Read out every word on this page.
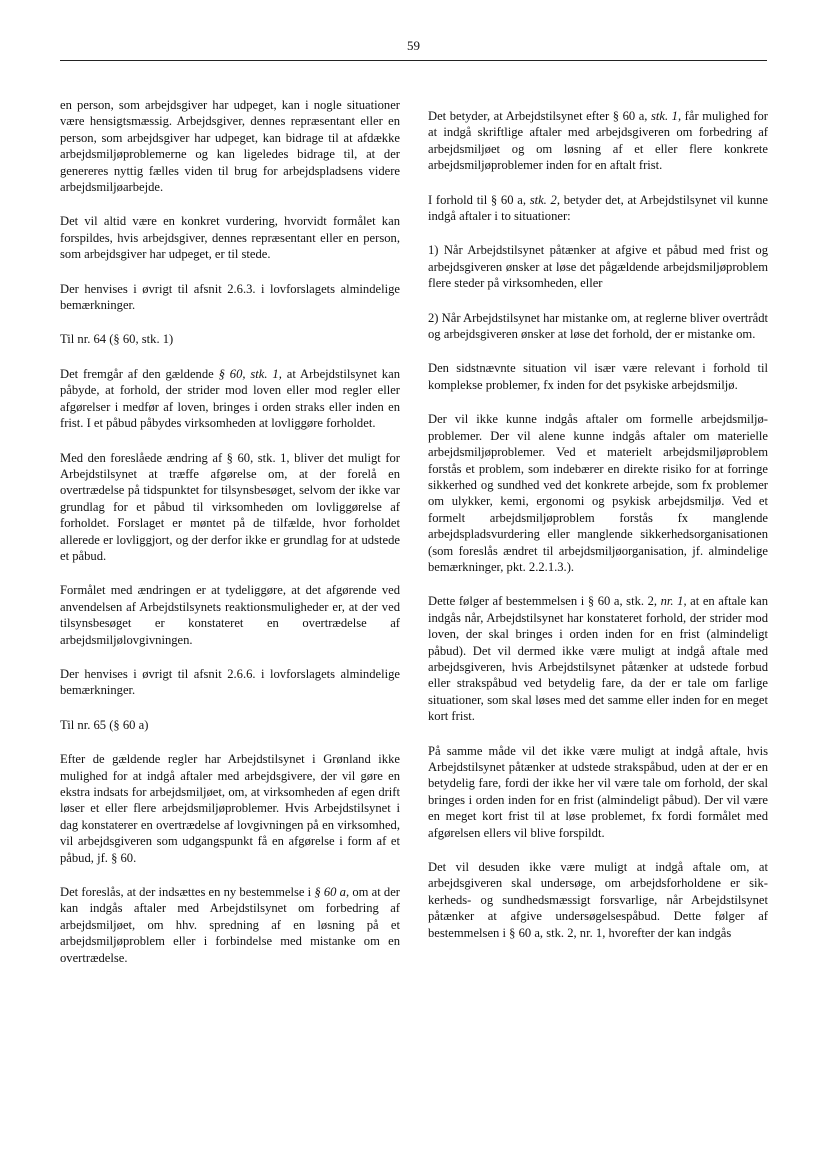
59

en person, som arbejdsgiver har udpeget, kan i nogle situationer være hensigtsmæssig. Arbejdsgiver, dennes repræsentant eller en person, som arbejdsgiver har udpeget, kan bidrage til at afdække arbejdsmiljøproblemerne og kan ligeledes bidrage til, at der genereres nyttig fælles viden til brug for arbejdspladsens videre arbejdsmiljøarbejde.

Det vil altid være en konkret vurdering, hvorvidt formålet kan forspildes, hvis arbejdsgiver, dennes repræsentant eller en person, som arbejdsgiver har udpeget, er til stede.

Der henvises i øvrigt til afsnit 2.6.3. i lovforslagets almindelige bemærkninger.

Til nr. 64 (§ 60, stk. 1)

Det fremgår af den gældende § 60, stk. 1, at Arbejdstilsynet kan påbyde, at forhold, der strider mod loven eller mod regler eller afgørelser i medfør af loven, bringes i orden straks eller inden en frist. I et påbud påbydes virksomheden at lovliggøre forholdet.

Med den foreslåede ændring af § 60, stk. 1, bliver det muligt for Arbejdstilsynet at træffe afgørelse om, at der forelå en overtrædelse på tidspunktet for tilsynsbesøget, selvom der ikke var grundlag for et påbud til virksomheden om lovliggørelse af forholdet. Forslaget er møntet på de tilfælde, hvor forholdet allerede er lovliggjort, og der derfor ikke er grundlag for at udstede et påbud.

Formålet med ændringen er at tydeliggøre, at det afgørende ved anvendelsen af Arbejdstilsynets reaktionsmuligheder er, at der ved tilsynsbesøget er konstateret en overtrædelse af arbejdsmiljølovgivningen.

Der henvises i øvrigt til afsnit 2.6.6. i lovforslagets almindelige bemærkninger.

Til nr. 65 (§ 60 a)

Efter de gældende regler har Arbejdstilsynet i Grønland ikke mulighed for at indgå aftaler med arbejdsgivere, der vil gøre en ekstra indsats for arbejdsmiljøet, om, at virksomheden af egen drift løser et eller flere arbejdsmiljøproblemer. Hvis Arbejdstilsynet i dag konstaterer en overtrædelse af lovgivningen på en virksomhed, vil arbejdsgiveren som udgangspunkt få en afgørelse i form af et påbud, jf. § 60.

Det foreslås, at der indsættes en ny bestemmelse i § 60 a, om at der kan indgås aftaler med Arbejdstilsynet om forbedring af arbejdsmiljøet, om hhv. spredning af en løsning på et arbejdsmiljøproblem eller i forbindelse med mistanke om en overtrædelse.

Det betyder, at Arbejdstilsynet efter § 60 a, stk. 1, får mulighed for at indgå skriftlige aftaler med arbejdsgiveren om forbedring af arbejdsmiljøet og om løsning af et eller flere konkrete arbejdsmiljøproblemer inden for en aftalt frist.

I forhold til § 60 a, stk. 2, betyder det, at Arbejdstilsynet vil kunne indgå aftaler i to situationer:

1) Når Arbejdstilsynet påtænker at afgive et påbud med frist og arbejdsgiveren ønsker at løse det pågældende arbejdsmiljøproblem flere steder på virksomheden, eller

2) Når Arbejdstilsynet har mistanke om, at reglerne bliver overtrådt og arbejdsgiveren ønsker at løse det forhold, der er mistanke om.

Den sidstnævnte situation vil især være relevant i forhold til komplekse problemer, fx inden for det psykiske arbejdsmiljø.

Der vil ikke kunne indgås aftaler om formelle arbejdsmiljøproblemer. Der vil alene kunne indgås aftaler om materielle arbejdsmiljøproblemer. Ved et materielt arbejdsmiljøproblem forstås et problem, som indebærer en direkte risiko for at forringe sikkerhed og sundhed ved det konkrete arbejde, som fx problemer om ulykker, kemi, ergonomi og psykisk arbejdsmiljø. Ved et formelt arbejdsmiljøproblem forstås fx manglende arbejdspladsvurdering eller manglende sikkerhedsorganisationen (som foreslås ændret til arbejdsmiljøorganisation, jf. almindelige bemærkninger, pkt. 2.2.1.3.).

Dette følger af bestemmelsen i § 60 a, stk. 2, nr. 1, at en aftale kan indgås når, Arbejdstilsynet har konstateret forhold, der strider mod loven, der skal bringes i orden inden for en frist (almindeligt påbud). Det vil dermed ikke være muligt at indgå aftale med arbejdsgiveren, hvis Arbejdstilsynet påtænker at udstede forbud eller strakspåbud ved betydelig fare, da der er tale om farlige situationer, som skal løses med det samme eller inden for en meget kort frist.

På samme måde vil det ikke være muligt at indgå aftale, hvis Arbejdstilsynet påtænker at udstede strakspåbud, uden at der er en betydelig fare, fordi der ikke her vil være tale om forhold, der skal bringes i orden inden for en frist (almindeligt påbud). Der vil være en meget kort frist til at løse problemet, fx fordi formålet med afgørelsen ellers vil blive forspildt.

Det vil desuden ikke være muligt at indgå aftale om, at arbejdsgiveren skal undersøge, om arbejdsforholdene er sikkerheds- og sundhedsmæssigt forsvarlige, når Arbejdstilsynet påtænker at afgive undersøgelsespåbud. Dette følger af bestemmelsen i § 60 a, stk. 2, nr. 1, hvorefter der kan indgås
